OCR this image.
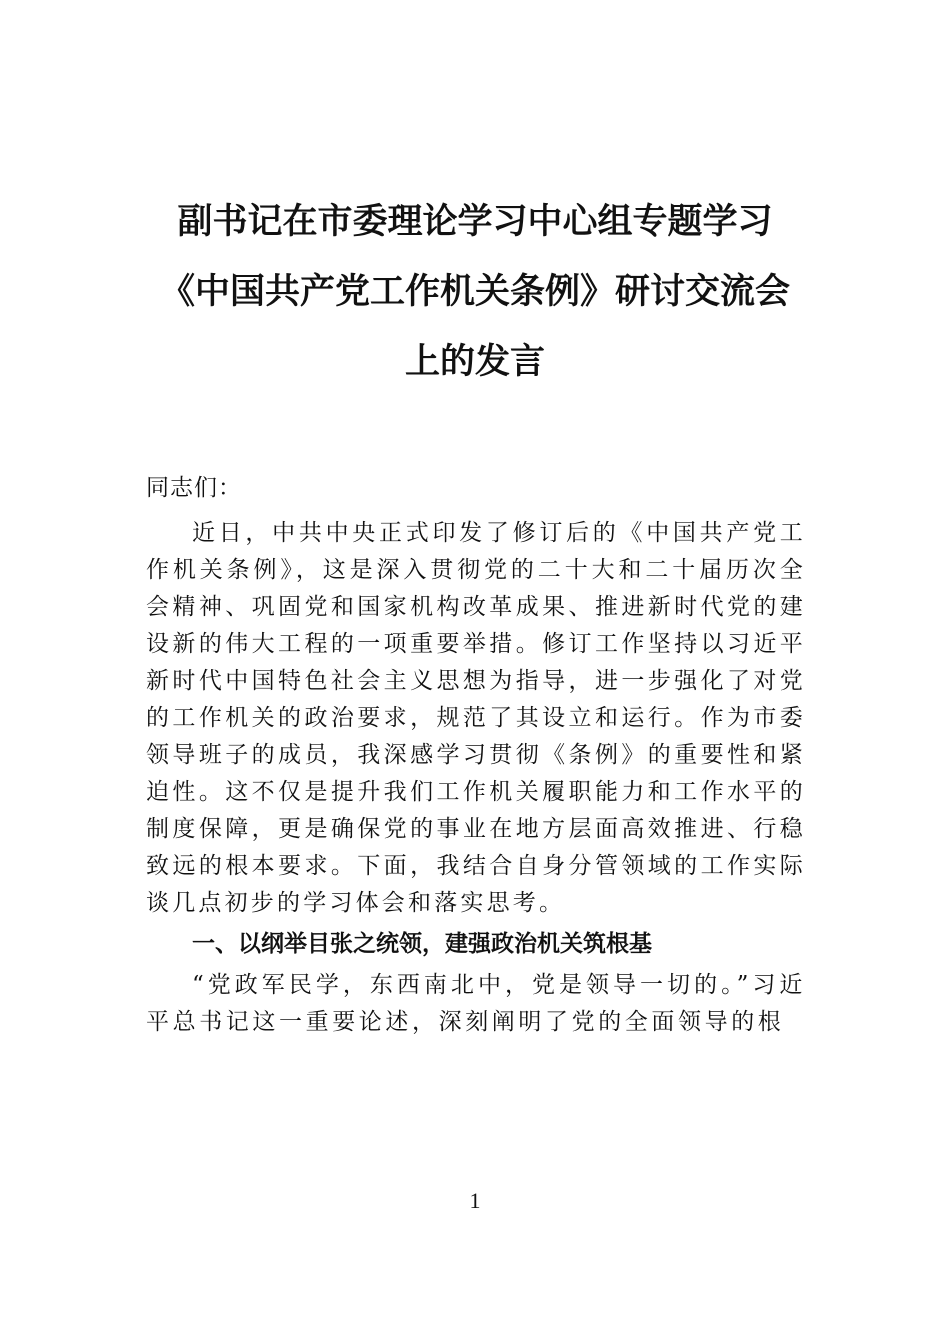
副书记在市委理论学习中心组专题学习
《中国共产党工作机关条例》研讨交流会
上的发言

同志们：

近日，中共中央正式印发了修订后的《中国共产党工作机关条例》，这是深入贯彻党的二十大和二十届历次全会精神、巩固党和国家机构改革成果、推进新时代党的建设新的伟大工程的一项重要举措。修订工作坚持以习近平新时代中国特色社会主义思想为指导，进一步强化了对党的工作机关的政治要求，规范了其设立和运行。作为市委领导班子的成员，我深感学习贯彻《条例》的重要性和紧迫性。这不仅是提升我们工作机关履职能力和工作水平的制度保障，更是确保党的事业在地方层面高效推进、行稳致远的根本要求。下面，我结合自身分管领域的工作实际谈几点初步的学习体会和落实思考。

一、以纲举目张之统领，建强政治机关筑根基

“党政军民学，东西南北中，党是领导一切的。”习近平总书记这一重要论述，深刻阐明了党的全面领导的根

1
